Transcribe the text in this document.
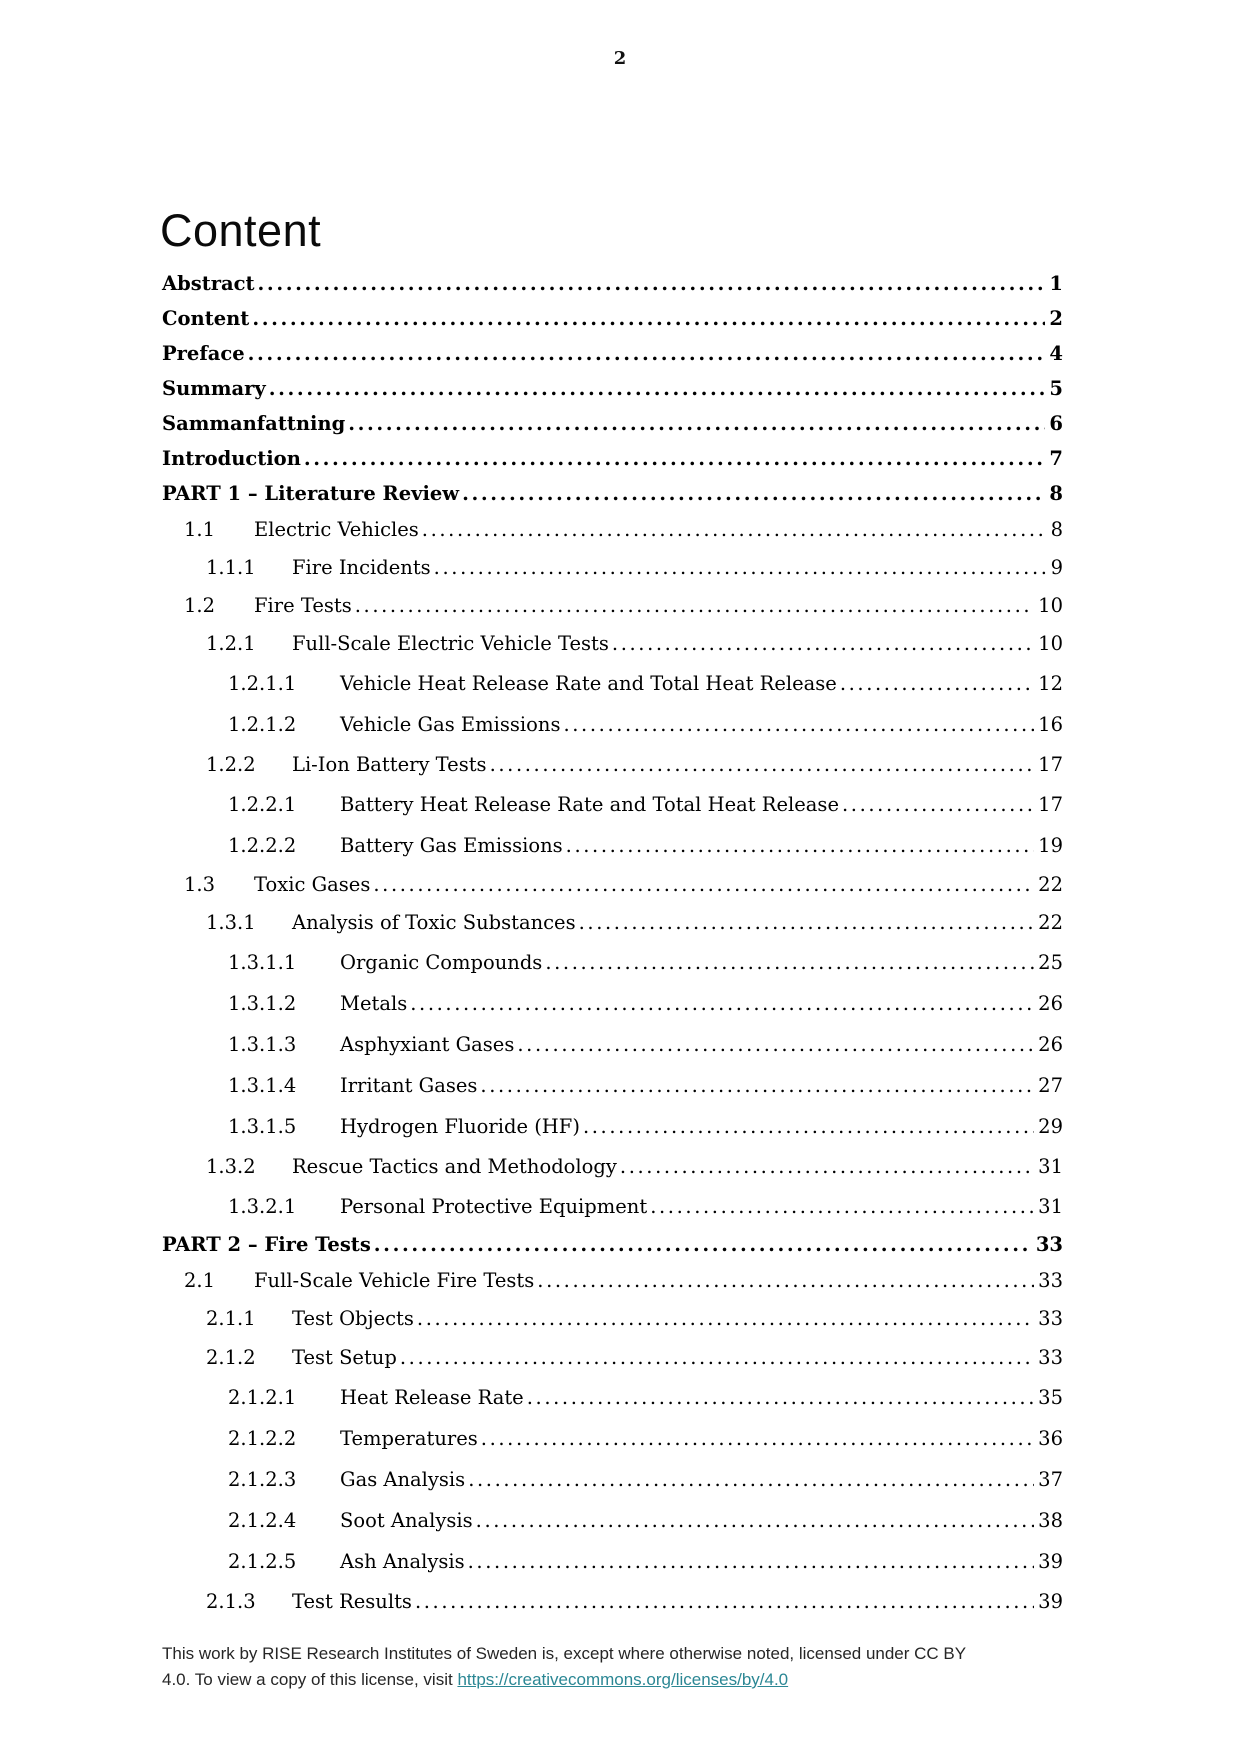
2
Content
Abstract .....	1
Content .....	2
Preface .....	4
Summary .....	5
Sammanfattning .....	6
Introduction .....	7
PART 1 – Literature Review .....	8
1.1	Electric Vehicles .....	8
1.1.1	Fire Incidents .....	9
1.2	Fire Tests .....	10
1.2.1	Full-Scale Electric Vehicle Tests .....	10
1.2.1.1	Vehicle Heat Release Rate and Total Heat Release .....	12
1.2.1.2	Vehicle Gas Emissions .....	16
1.2.2	Li-Ion Battery Tests .....	17
1.2.2.1	Battery Heat Release Rate and Total Heat Release .....	17
1.2.2.2	Battery Gas Emissions .....	19
1.3	Toxic Gases .....	22
1.3.1	Analysis of Toxic Substances .....	22
1.3.1.1	Organic Compounds .....	25
1.3.1.2	Metals .....	26
1.3.1.3	Asphyxiant Gases .....	26
1.3.1.4	Irritant Gases .....	27
1.3.1.5	Hydrogen Fluoride (HF) .....	29
1.3.2	Rescue Tactics and Methodology .....	31
1.3.2.1	Personal Protective Equipment .....	31
PART 2 – Fire Tests .....	33
2.1	Full-Scale Vehicle Fire Tests .....	33
2.1.1	Test Objects .....	33
2.1.2	Test Setup .....	33
2.1.2.1	Heat Release Rate .....	35
2.1.2.2	Temperatures .....	36
2.1.2.3	Gas Analysis .....	37
2.1.2.4	Soot Analysis .....	38
2.1.2.5	Ash Analysis .....	39
2.1.3	Test Results .....	39
This work by RISE Research Institutes of Sweden is, except where otherwise noted, licensed under CC BY
4.0. To view a copy of this license, visit https://creativecommons.org/licenses/by/4.0
